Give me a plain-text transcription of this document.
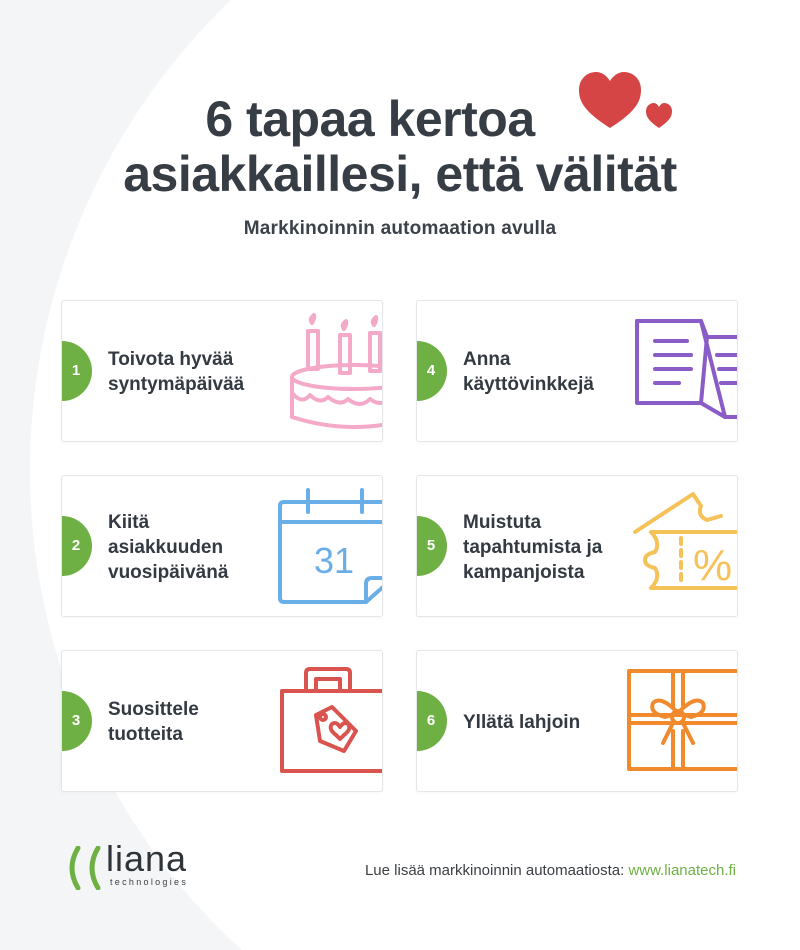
6 tapaa kertoa
asiakkaillesi, että välität
Markkinoinnin automaation avulla
1
Toivota hyvää
syntymäpäivää
2
Kiitä
asiakkuuden
vuosipäivänä	31
3
Suosittele
tuotteita
4
Anna
käyttövinkkejä
5
Muistuta
tapahtumista ja
kampanjoista	%
6 Yllätä lahjoin
liana
technologies
Lue lisää markkinoinnin automaatiosta: www.lianatech.fi
